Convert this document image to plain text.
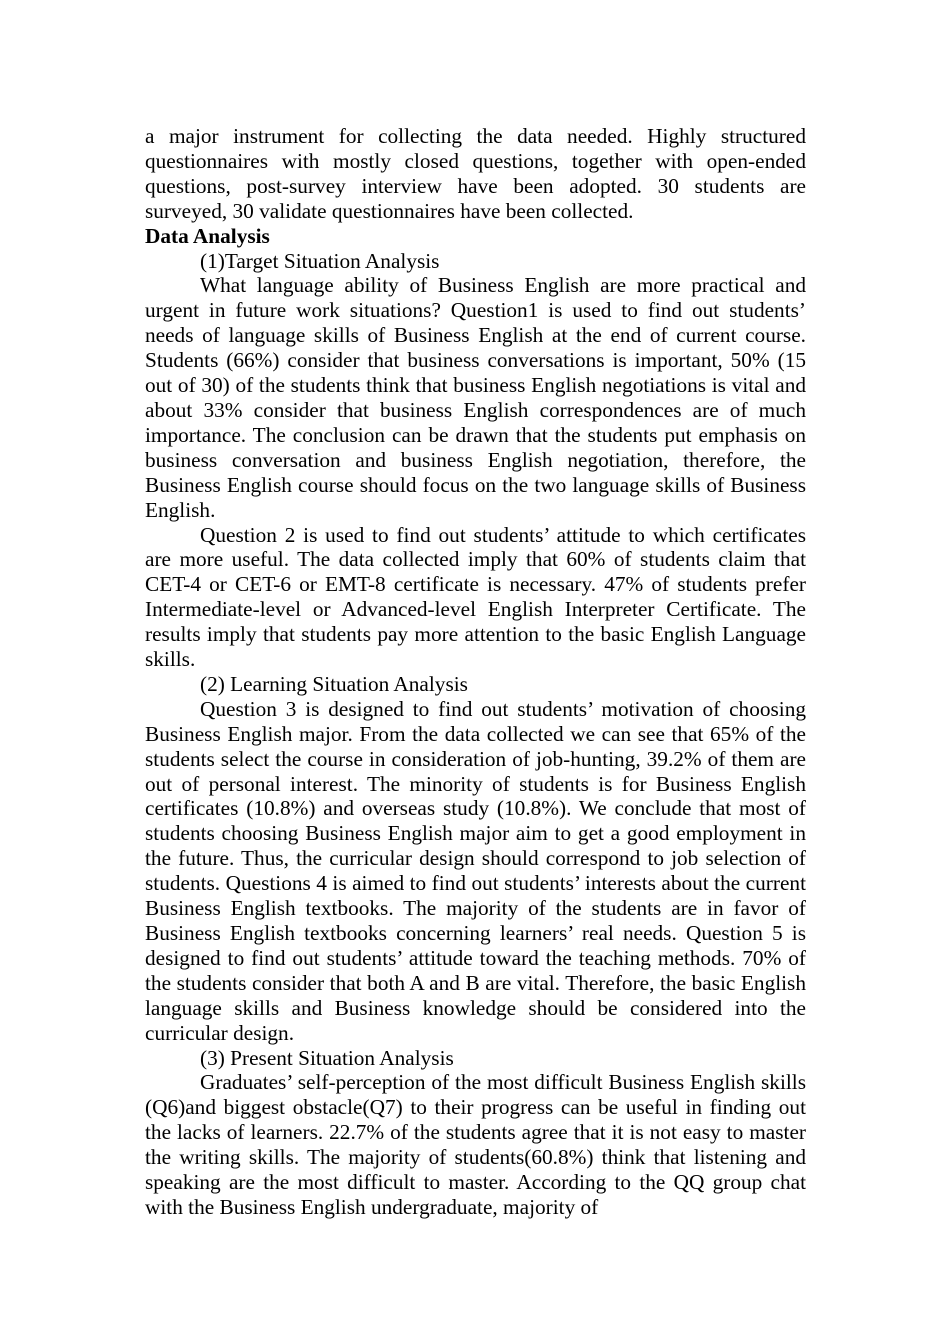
a major instrument for collecting the data needed. Highly structured questionnaires with mostly closed questions, together with open-ended questions, post-survey interview have been adopted. 30 students are surveyed, 30 validate questionnaires have been collected.

Data Analysis

(1)Target Situation Analysis

What language ability of Business English are more practical and urgent in future work situations? Question1 is used to find out students’ needs of language skills of Business English at the end of current course. Students (66%) consider that business conversations is important, 50% (15 out of 30) of the students think that business English negotiations is vital and about 33% consider that business English correspondences are of much importance. The conclusion can be drawn that the students put emphasis on business conversation and business English negotiation, therefore, the Business English course should focus on the two language skills of Business English.

Question 2 is used to find out students’ attitude to which certificates are more useful. The data collected imply that 60% of students claim that CET-4 or CET-6 or EMT-8 certificate is necessary. 47% of students prefer Intermediate-level or Advanced-level English Interpreter Certificate. The results imply that students pay more attention to the basic English Language skills.

(2) Learning Situation Analysis

Question 3 is designed to find out students’ motivation of choosing Business English major. From the data collected we can see that 65% of the students select the course in consideration of job-hunting, 39.2% of them are out of personal interest. The minority of students is for Business English certificates (10.8%) and overseas study (10.8%). We conclude that most of students choosing Business English major aim to get a good employment in the future. Thus, the curricular design should correspond to job selection of students. Questions 4 is aimed to find out students’ interests about the current Business English textbooks. The majority of the students are in favor of Business English textbooks concerning learners’ real needs. Question 5 is designed to find out students’ attitude toward the teaching methods. 70% of the students consider that both A and B are vital. Therefore, the basic English language skills and Business knowledge should be considered into the curricular design.

(3) Present Situation Analysis

Graduates’ self-perception of the most difficult Business English skills (Q6)and biggest obstacle(Q7) to their progress can be useful in finding out the lacks of learners. 22.7% of the students agree that it is not easy to master the writing skills. The majority of students(60.8%) think that listening and speaking are the most difficult to master. According to the QQ group chat with the Business English undergraduate, majority of
